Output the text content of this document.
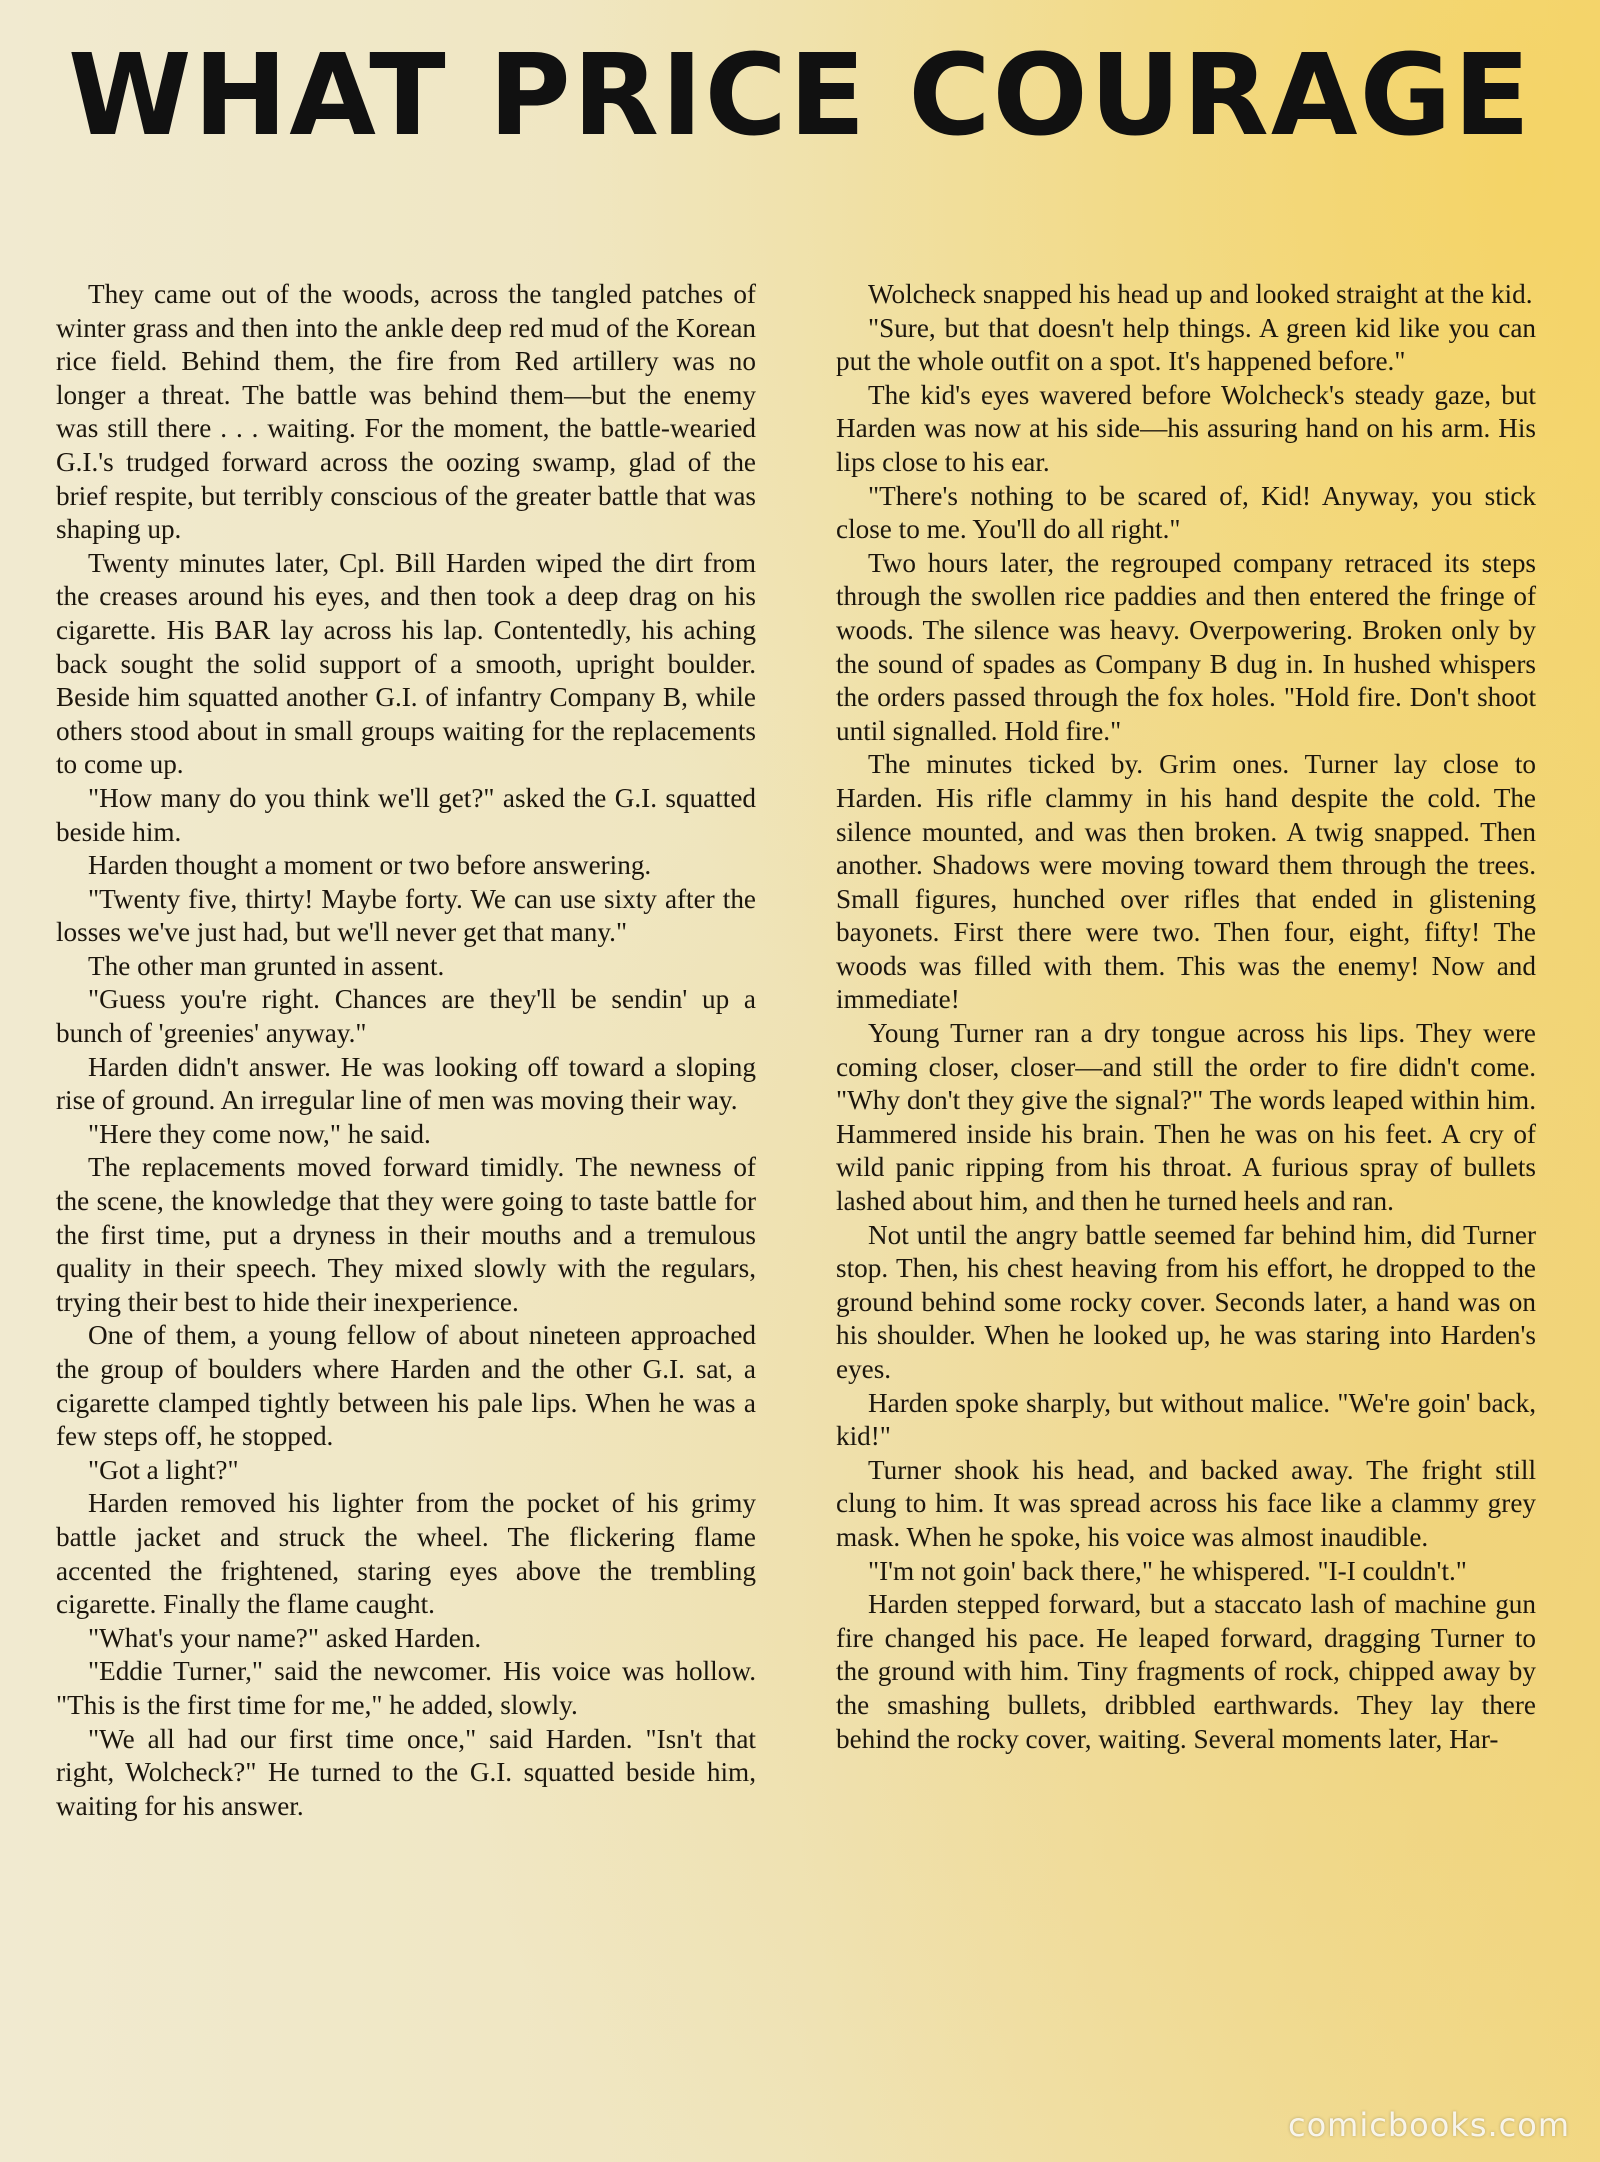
WHAT PRICE COURAGE

They came out of the woods, across the tangled patches of winter grass and then into the ankle deep red mud of the Korean rice field. Behind them, the fire from Red artillery was no longer a threat. The battle was behind them—but the enemy was still there . . . waiting. For the moment, the battle-wearied G.I.'s trudged forward across the oozing swamp, glad of the brief respite, but terribly conscious of the greater battle that was shaping up.

Twenty minutes later, Cpl. Bill Harden wiped the dirt from the creases around his eyes, and then took a deep drag on his cigarette. His BAR lay across his lap. Contentedly, his aching back sought the solid support of a smooth, upright boulder. Beside him squatted another G.I. of infantry Company B, while others stood about in small groups waiting for the replacements to come up.

"How many do you think we'll get?" asked the G.I. squatted beside him.

Harden thought a moment or two before answering.

"Twenty five, thirty! Maybe forty. We can use sixty after the losses we've just had, but we'll never get that many."

The other man grunted in assent.

"Guess you're right. Chances are they'll be sendin' up a bunch of 'greenies' anyway."

Harden didn't answer. He was looking off toward a sloping rise of ground. An irregular line of men was moving their way.

"Here they come now," he said.

The replacements moved forward timidly. The newness of the scene, the knowledge that they were going to taste battle for the first time, put a dryness in their mouths and a tremulous quality in their speech. They mixed slowly with the regulars, trying their best to hide their inexperience.

One of them, a young fellow of about nineteen approached the group of boulders where Harden and the other G.I. sat, a cigarette clamped tightly between his pale lips. When he was a few steps off, he stopped.

"Got a light?"

Harden removed his lighter from the pocket of his grimy battle jacket and struck the wheel. The flickering flame accented the frightened, staring eyes above the trembling cigarette. Finally the flame caught.

"What's your name?" asked Harden.

"Eddie Turner," said the newcomer. His voice was hollow. "This is the first time for me," he added, slowly.

"We all had our first time once," said Harden. "Isn't that right, Wolcheck?" He turned to the G.I. squatted beside him, waiting for his answer.

Wolcheck snapped his head up and looked straight at the kid.

"Sure, but that doesn't help things. A green kid like you can put the whole outfit on a spot. It's happened before."

The kid's eyes wavered before Wolcheck's steady gaze, but Harden was now at his side—his assuring hand on his arm. His lips close to his ear.

"There's nothing to be scared of, Kid! Anyway, you stick close to me. You'll do all right."

Two hours later, the regrouped company retraced its steps through the swollen rice paddies and then entered the fringe of woods. The silence was heavy. Overpowering. Broken only by the sound of spades as Company B dug in. In hushed whispers the orders passed through the fox holes. "Hold fire. Don't shoot until signalled. Hold fire."

The minutes ticked by. Grim ones. Turner lay close to Harden. His rifle clammy in his hand despite the cold. The silence mounted, and was then broken. A twig snapped. Then another. Shadows were moving toward them through the trees. Small figures, hunched over rifles that ended in glistening bayonets. First there were two. Then four, eight, fifty! The woods was filled with them. This was the enemy! Now and immediate!

Young Turner ran a dry tongue across his lips. They were coming closer, closer—and still the order to fire didn't come. "Why don't they give the signal?" The words leaped within him. Hammered inside his brain. Then he was on his feet. A cry of wild panic ripping from his throat. A furious spray of bullets lashed about him, and then he turned heels and ran.

Not until the angry battle seemed far behind him, did Turner stop. Then, his chest heaving from his effort, he dropped to the ground behind some rocky cover. Seconds later, a hand was on his shoulder. When he looked up, he was staring into Harden's eyes.

Harden spoke sharply, but without malice. "We're goin' back, kid!"

Turner shook his head, and backed away. The fright still clung to him. It was spread across his face like a clammy grey mask. When he spoke, his voice was almost inaudible.

"I'm not goin' back there," he whispered. "I-I couldn't."

Harden stepped forward, but a staccato lash of machine gun fire changed his pace. He leaped forward, dragging Turner to the ground with him. Tiny fragments of rock, chipped away by the smashing bullets, dribbled earthwards. They lay there behind the rocky cover, waiting. Several moments later, Har-

comicbooks.com
